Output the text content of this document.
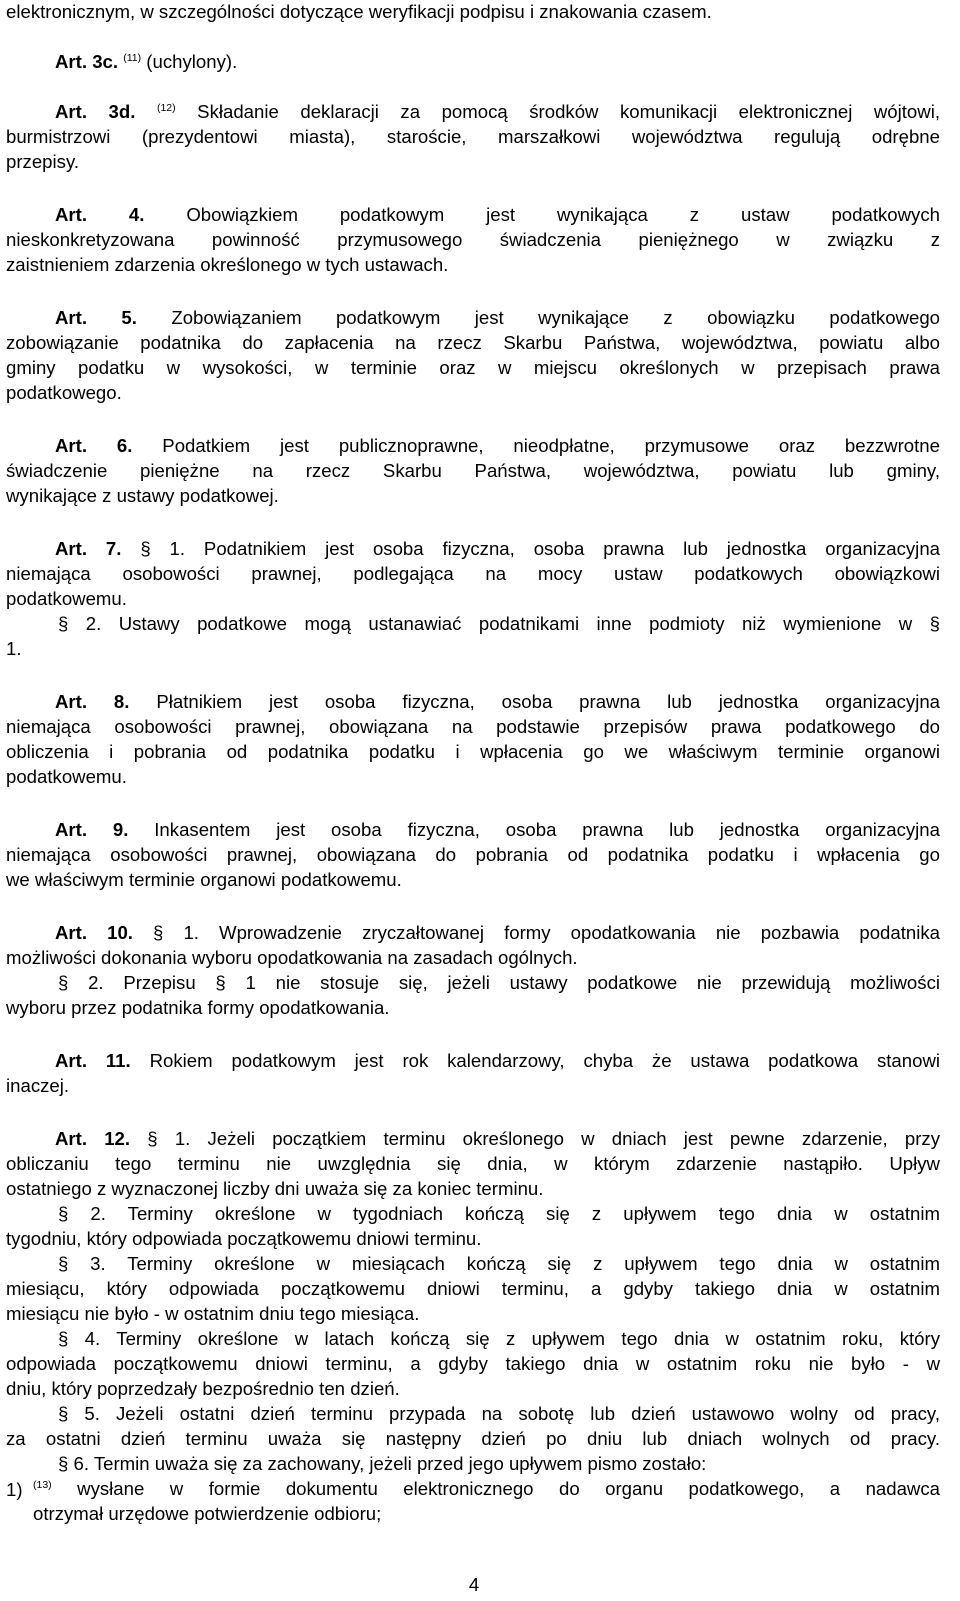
elektronicznym, w szczególności dotyczące weryfikacji podpisu i znakowania czasem.
Art. 3c. $^{(11)}$ (uchylony).
Art. 3d. $^{(12)}$ Składanie deklaracji za pomocą środków komunikacji elektronicznej wójtowi,
burmistrzowi (prezydentowi miasta), staroście, marszałkowi województwa regulują odrębne
przepisy.
Art. 4. Obowiązkiem podatkowym jest wynikająca z ustaw podatkowych
nieskonkretyzowana powinność przymusowego świadczenia pieniężnego w związku z
zaistnieniem zdarzenia określonego w tych ustawach.
Art. 5. Zobowiązaniem podatkowym jest wynikające z obowiązku podatkowego
zobowiązanie podatnika do zapłacenia na rzecz Skarbu Państwa, województwa, powiatu albo
gminy podatku w wysokości, w terminie oraz w miejscu określonych w przepisach prawa
podatkowego.
Art. 6. Podatkiem jest publicznoprawne, nieodpłatne, przymusowe oraz bezzwrotne
świadczenie pieniężne na rzecz Skarbu Państwa, województwa, powiatu lub gminy,
wynikające z ustawy podatkowej.
Art. 7. § 1. Podatnikiem jest osoba fizyczna, osoba prawna lub jednostka organizacyjna
niemająca osobowości prawnej, podlegająca na mocy ustaw podatkowych obowiązkowi
podatkowemu.
§ 2. Ustawy podatkowe mogą ustanawiać podatnikami inne podmioty niż wymienione w §
1.
Art. 8. Płatnikiem jest osoba fizyczna, osoba prawna lub jednostka organizacyjna
niemająca osobowości prawnej, obowiązana na podstawie przepisów prawa podatkowego do
obliczenia i pobrania od podatnika podatku i wpłacenia go we właściwym terminie organowi
podatkowemu.
Art. 9. Inkasentem jest osoba fizyczna, osoba prawna lub jednostka organizacyjna
niemająca osobowości prawnej, obowiązana do pobrania od podatnika podatku i wpłacenia go
we właściwym terminie organowi podatkowemu.
Art. 10. § 1. Wprowadzenie zryczałtowanej formy opodatkowania nie pozbawia podatnika
możliwości dokonania wyboru opodatkowania na zasadach ogólnych.
§ 2. Przepisu § 1 nie stosuje się, jeżeli ustawy podatkowe nie przewidują możliwości
wyboru przez podatnika formy opodatkowania.
Art. 11. Rokiem podatkowym jest rok kalendarzowy, chyba że ustawa podatkowa stanowi
inaczej.
Art. 12. § 1. Jeżeli początkiem terminu określonego w dniach jest pewne zdarzenie, przy
obliczaniu tego terminu nie uwzględnia się dnia, w którym zdarzenie nastąpiło. Upływ
ostatniego z wyznaczonej liczby dni uważa się za koniec terminu.
§ 2. Terminy określone w tygodniach kończą się z upływem tego dnia w ostatnim
tygodniu, który odpowiada początkowemu dniowi terminu.
§ 3. Terminy określone w miesiącach kończą się z upływem tego dnia w ostatnim
miesiącu, który odpowiada początkowemu dniowi terminu, a gdyby takiego dnia w ostatnim
miesiącu nie było - w ostatnim dniu tego miesiąca.
§ 4. Terminy określone w latach kończą się z upływem tego dnia w ostatnim roku, który
odpowiada początkowemu dniowi terminu, a gdyby takiego dnia w ostatnim roku nie było - w
dniu, który poprzedzały bezpośrednio ten dzień.
§ 5. Jeżeli ostatni dzień terminu przypada na sobotę lub dzień ustawowo wolny od pracy,
za ostatni dzień terminu uważa się następny dzień po dniu lub dniach wolnych od pracy.
§ 6. Termin uważa się za zachowany, jeżeli przed jego upływem pismo zostało:
1) $^{(13)}$ wysłane w formie dokumentu elektronicznego do organu podatkowego, a nadawca
otrzymał urzędowe potwierdzenie odbioru;
4
